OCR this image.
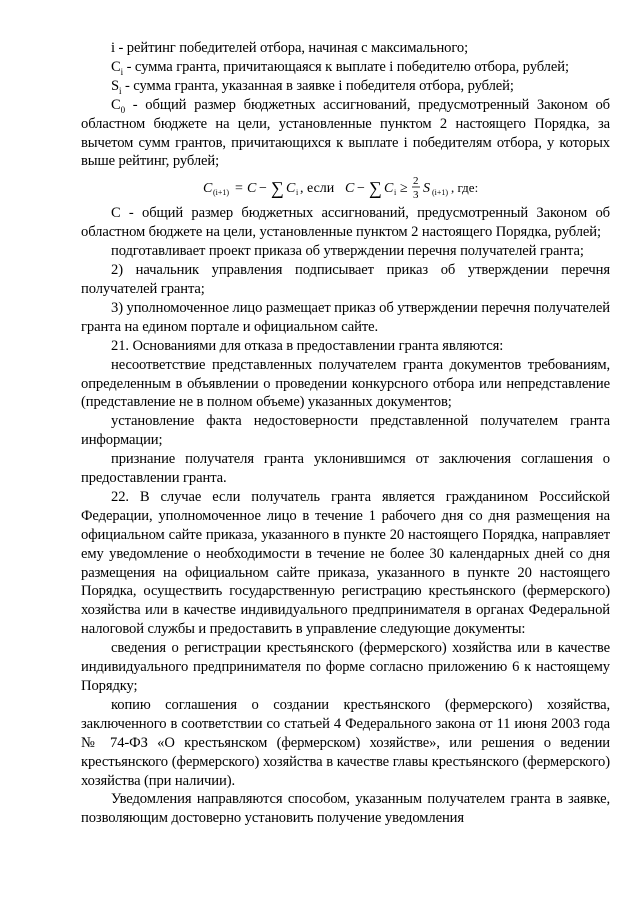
i - рейтинг победителей отбора, начиная с максимального;

$C_i$ - сумма гранта, причитающаяся к выплате i победителю отбора, рублей;

$S_i$ - сумма гранта, указанная в заявке i победителя отбора, рублей;

$C_0$ - общий размер бюджетных ассигнований, предусмотренный Законом об областном бюджете на цели, установленные пунктом 2 настоящего Порядка, за вычетом сумм грантов, причитающихся к выплате i победителям отбора, у которых выше рейтинг, рублей;

C (i+1) = C − ∑ C i , если C − ∑ C i ≥ 2
3 S (i+1) , где:

С - общий размер бюджетных ассигнований, предусмотренный Законом об областном бюджете на цели, установленные пунктом 2 настоящего Порядка, рублей;

подготавливает проект приказа об утверждении перечня получателей гранта;

2) начальник управления подписывает приказ об утверждении перечня получателей гранта;

3) уполномоченное лицо размещает приказ об утверждении перечня получателей гранта на едином портале и официальном сайте.

21. Основаниями для отказа в предоставлении гранта являются:

несоответствие представленных получателем гранта документов требованиям, определенным в объявлении о проведении конкурсного отбора или непредставление (представление не в полном объеме) указанных документов;

установление факта недостоверности представленной получателем гранта информации;

признание получателя гранта уклонившимся от заключения соглашения о предоставлении гранта.

22. В случае если получатель гранта является гражданином Российской Федерации, уполномоченное лицо в течение 1 рабочего дня со дня размещения на официальном сайте приказа, указанного в пункте 20 настоящего Порядка, направляет ему уведомление о необходимости в течение не более 30 календарных дней со дня размещения на официальном сайте приказа, указанного в пункте 20 настоящего Порядка, осуществить государственную регистрацию крестьянского (фермерского) хозяйства или в качестве индивидуального предпринимателя в органах Федеральной налоговой службы и предоставить в управление следующие документы:

сведения о регистрации крестьянского (фермерского) хозяйства или в качестве индивидуального предпринимателя по форме согласно приложению 6 к настоящему Порядку;

копию соглашения о создании крестьянского (фермерского) хозяйства, заключенного в соответствии со статьей 4 Федерального закона от 11 июня 2003 года № 74-ФЗ «О крестьянском (фермерском) хозяйстве», или решения о ведении крестьянского (фермерского) хозяйства в качестве главы крестьянского (фермерского) хозяйства (при наличии).

Уведомления направляются способом, указанным получателем гранта в заявке, позволяющим достоверно установить получение уведомления
